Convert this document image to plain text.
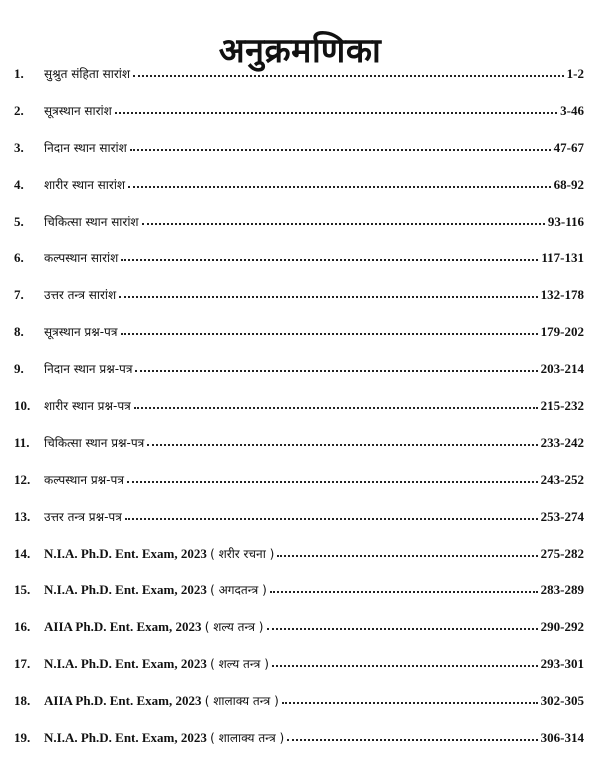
अनुक्रमणिका
1.	सुश्रुत संहिता सारांश	1-2
2.	सूत्रस्थान सारांश	3-46
3.	निदान स्थान सारांश	47-67
4.	शारीर स्थान सारांश	68-92
5.	चिकित्सा स्थान सारांश	93-116
6.	कल्पस्थान सारांश	117-131
7.	उत्तर तन्त्र सारांश	132-178
8.	सूत्रस्थान प्रश्न-पत्र	179-202
9.	निदान स्थान प्रश्न-पत्र	203-214
10.	शारीर स्थान प्रश्न-पत्र	215-232
11.	चिकित्सा स्थान प्रश्न-पत्र	233-242
12.	कल्पस्थान प्रश्न-पत्र	243-252
13.	उत्तर तन्त्र प्रश्न-पत्र	253-274
14.	N.I.A. Ph.D. Ent. Exam, 2023 ( शरीर रचना )	275-282
15.	N.I.A. Ph.D. Ent. Exam, 2023 ( अगदतन्त्र )	283-289
16.	AIIA Ph.D. Ent. Exam, 2023 ( शल्य तन्त्र )	290-292
17.	N.I.A. Ph.D. Ent. Exam, 2023 ( शल्य तन्त्र )	293-301
18.	AIIA Ph.D. Ent. Exam, 2023 ( शालाक्य तन्त्र )	302-305
19.	N.I.A. Ph.D. Ent. Exam, 2023 ( शालाक्य तन्त्र )	306-314
